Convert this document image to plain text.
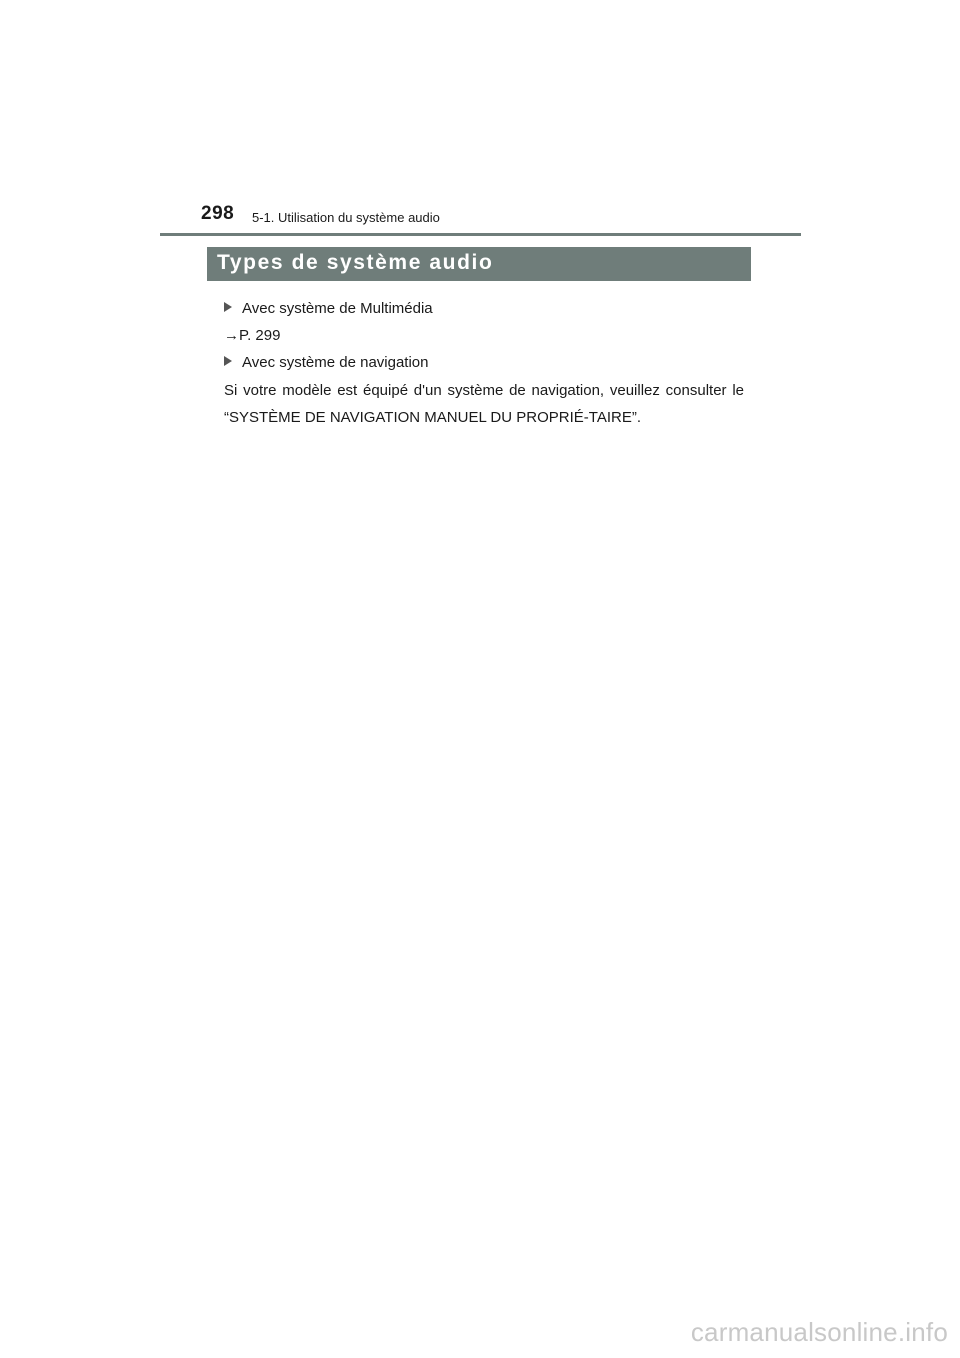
298 5-1. Utilisation du système audio
Types de système audio
Avec système de Multimédia
→P. 299
Avec système de navigation

Si votre modèle est équipé d'un système de navigation, veuillez consulter le “SYSTÈME DE NAVIGATION MANUEL DU PROPRIÉ-TAIRE”.

carmanualsonline.info
